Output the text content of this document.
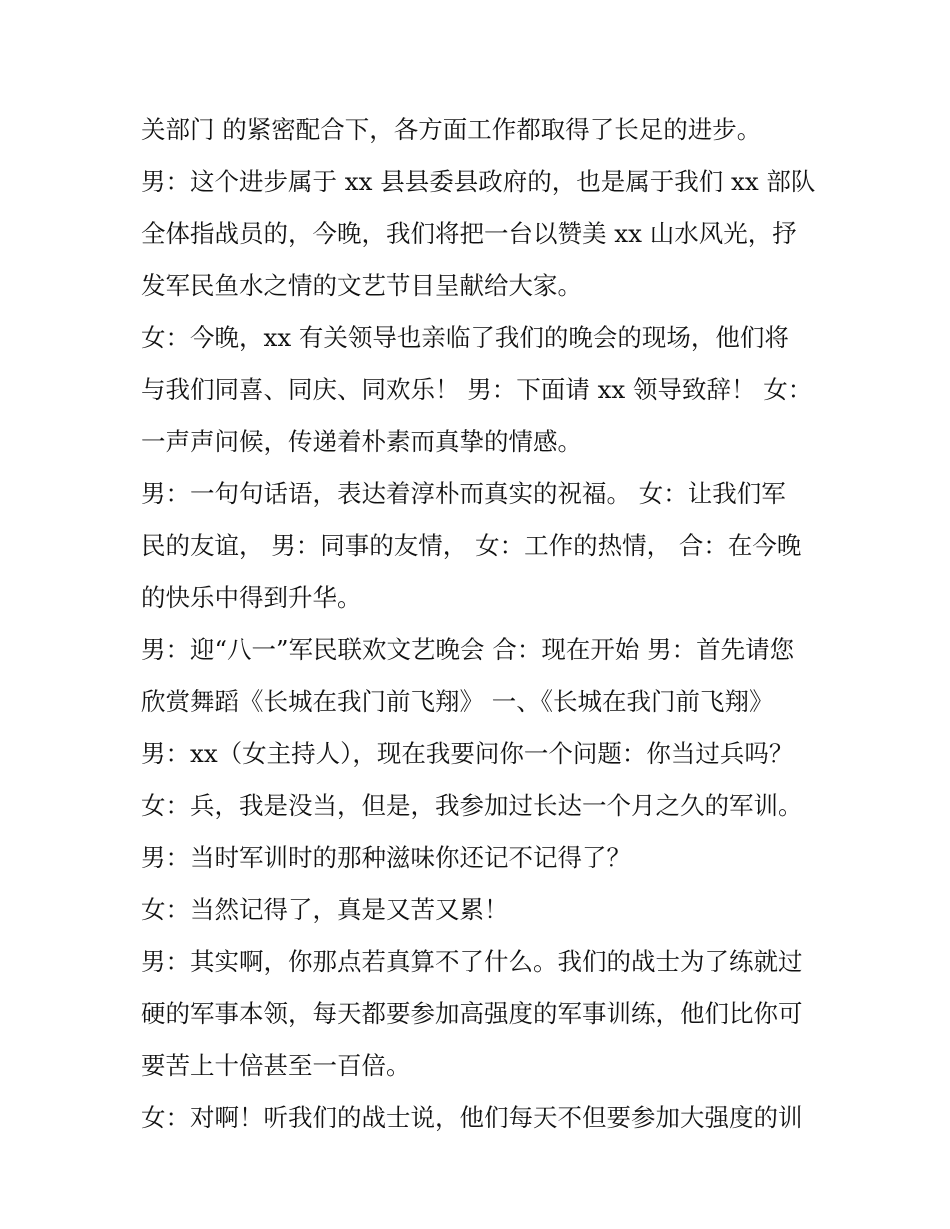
关部门 的紧密配合下，各方面工作都取得了长足的进步。
男：这个进步属于 xx 县县委县政府的，也是属于我们 xx 部队
全体指战员的，今晚，我们将把一台以赞美 xx 山水风光，抒
发军民鱼水之情的文艺节目呈献给大家。
女：今晚，xx 有关领导也亲临了我们的晚会的现场，他们将
与我们同喜、同庆、同欢乐！ 男：下面请 xx 领导致辞！ 女：
一声声问候，传递着朴素而真挚的情感。
男：一句句话语，表达着淳朴而真实的祝福。 女：让我们军
民的友谊， 男：同事的友情， 女：工作的热情， 合：在今晚
的快乐中得到升华。
男：迎“八一”军民联欢文艺晚会 合：现在开始 男：首先请您
欣赏舞蹈《长城在我门前飞翔》 一、《长城在我门前飞翔》
男：xx（女主持人），现在我要问你一个问题：你当过兵吗？
女：兵，我是没当，但是，我参加过长达一个月之久的军训。
男：当时军训时的那种滋味你还记不记得了？
女：当然记得了，真是又苦又累！
男：其实啊，你那点若真算不了什么。我们的战士为了练就过
硬的军事本领，每天都要参加高强度的军事训练，他们比你可
要苦上十倍甚至一百倍。
女：对啊！听我们的战士说，他们每天不但要参加大强度的训
